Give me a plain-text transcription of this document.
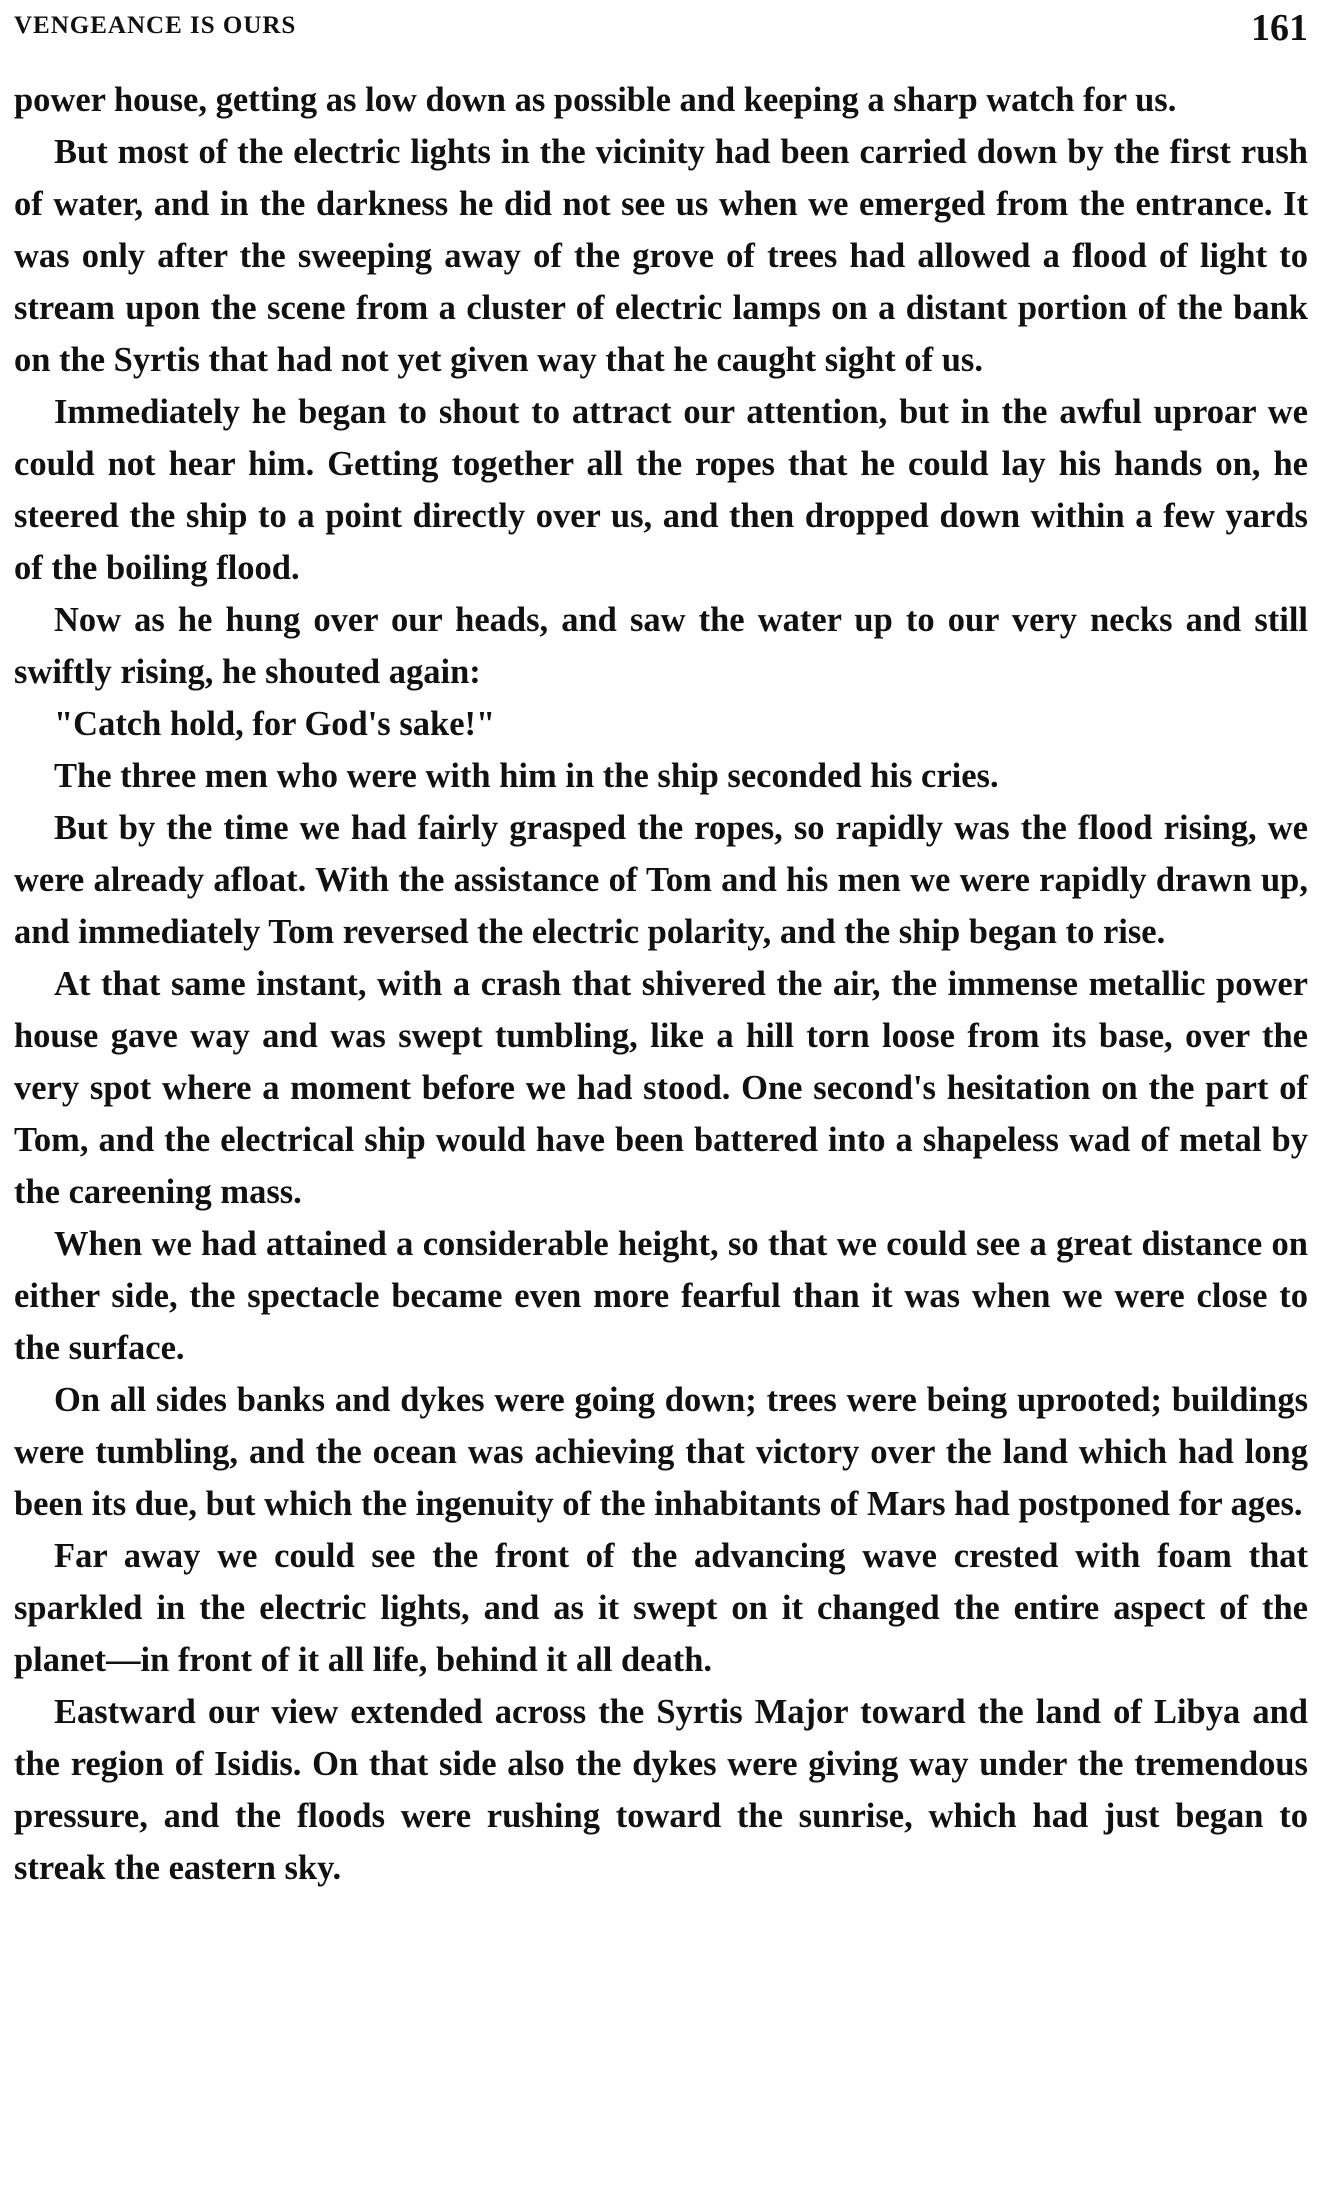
VENGEANCE IS OURS	161

power house, getting as low down as possible and keeping a sharp watch for us.

But most of the electric lights in the vicinity had been carried down by the first rush of water, and in the darkness he did not see us when we emerged from the entrance. It was only after the sweeping away of the grove of trees had allowed a flood of light to stream upon the scene from a cluster of electric lamps on a distant portion of the bank on the Syrtis that had not yet given way that he caught sight of us.

Immediately he began to shout to attract our attention, but in the awful uproar we could not hear him. Getting together all the ropes that he could lay his hands on, he steered the ship to a point directly over us, and then dropped down within a few yards of the boiling flood.

Now as he hung over our heads, and saw the water up to our very necks and still swiftly rising, he shouted again:

"Catch hold, for God's sake!"

The three men who were with him in the ship seconded his cries.

But by the time we had fairly grasped the ropes, so rapidly was the flood rising, we were already afloat. With the assistance of Tom and his men we were rapidly drawn up, and immediately Tom reversed the electric polarity, and the ship began to rise.

At that same instant, with a crash that shivered the air, the immense metallic power house gave way and was swept tumbling, like a hill torn loose from its base, over the very spot where a moment before we had stood. One second's hesitation on the part of Tom, and the electrical ship would have been battered into a shapeless wad of metal by the careening mass.

When we had attained a considerable height, so that we could see a great distance on either side, the spectacle became even more fearful than it was when we were close to the surface.

On all sides banks and dykes were going down; trees were being uprooted; buildings were tumbling, and the ocean was achieving that victory over the land which had long been its due, but which the ingenuity of the inhabitants of Mars had postponed for ages.

Far away we could see the front of the advancing wave crested with foam that sparkled in the electric lights, and as it swept on it changed the entire aspect of the planet—in front of it all life, behind it all death.

Eastward our view extended across the Syrtis Major toward the land of Libya and the region of Isidis. On that side also the dykes were giving way under the tremendous pressure, and the floods were rushing toward the sunrise, which had just began to streak the eastern sky.
